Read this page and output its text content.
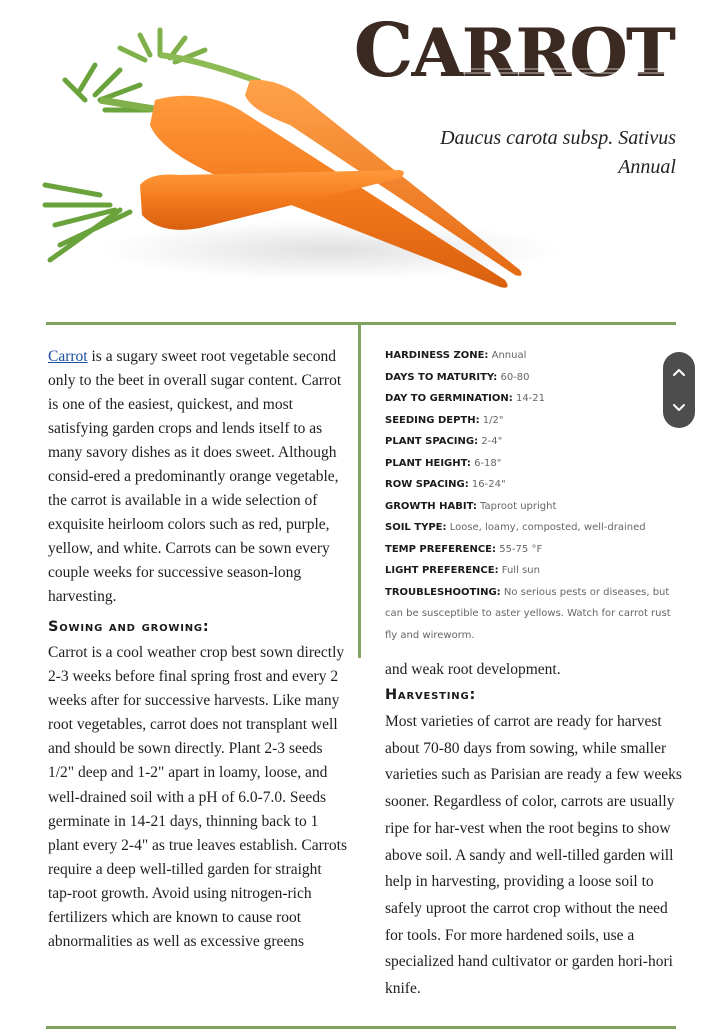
CARROT
Daucus carota subsp. Sativus
Annual

Carrot is a sugary sweet root vegetable second only to the beet in overall sugar content. Carrot is one of the easiest, quickest, and most satisfying garden crops and lends itself to as many savory dishes as it does sweet. Although consid-ered a predominantly orange vegetable, the carrot is available in a wide selection of exquisite heirloom colors such as red, purple, yellow, and white. Carrots can be sown every couple weeks for successive season-long harvesting.

Sowing and growing:

Carrot is a cool weather crop best sown directly 2-3 weeks before final spring frost and every 2 weeks after for successive harvests. Like many root vegetables, carrot does not transplant well and should be sown directly. Plant 2-3 seeds 1/2" deep and 1-2" apart in loamy, loose, and well-drained soil with a pH of 6.0-7.0. Seeds germinate in 14-21 days, thinning back to 1 plant every 2-4" as true leaves establish. Carrots require a deep well-tilled garden for straight tap-root growth. Avoid using nitrogen-rich fertilizers which are known to cause root abnormalities as well as excessive greens

HARDINESS ZONE: Annual
DAYS TO MATURITY: 60-80
DAY TO GERMINATION: 14-21
SEEDING DEPTH: 1/2"
PLANT SPACING: 2-4"
PLANT HEIGHT: 6-18"
ROW SPACING: 16-24"
GROWTH HABIT: Taproot upright
SOIL TYPE: Loose, loamy, composted, well-drained
TEMP PREFERENCE: 55-75 °F
LIGHT PREFERENCE: Full sun
TROUBLESHOOTING: No serious pests or diseases, but can be susceptible to aster yellows. Watch for carrot rust fly and wireworm.

and weak root development.

Harvesting:

Most varieties of carrot are ready for harvest about 70-80 days from sowing, while smaller varieties such as Parisian are ready a few weeks sooner. Regardless of color, carrots are usually ripe for har-vest when the root begins to show above soil. A sandy and well-tilled garden will help in harvesting, providing a loose soil to safely uproot the carrot crop without the need for tools. For more hardened soils, use a specialized hand cultivator or garden hori-hori knife.
